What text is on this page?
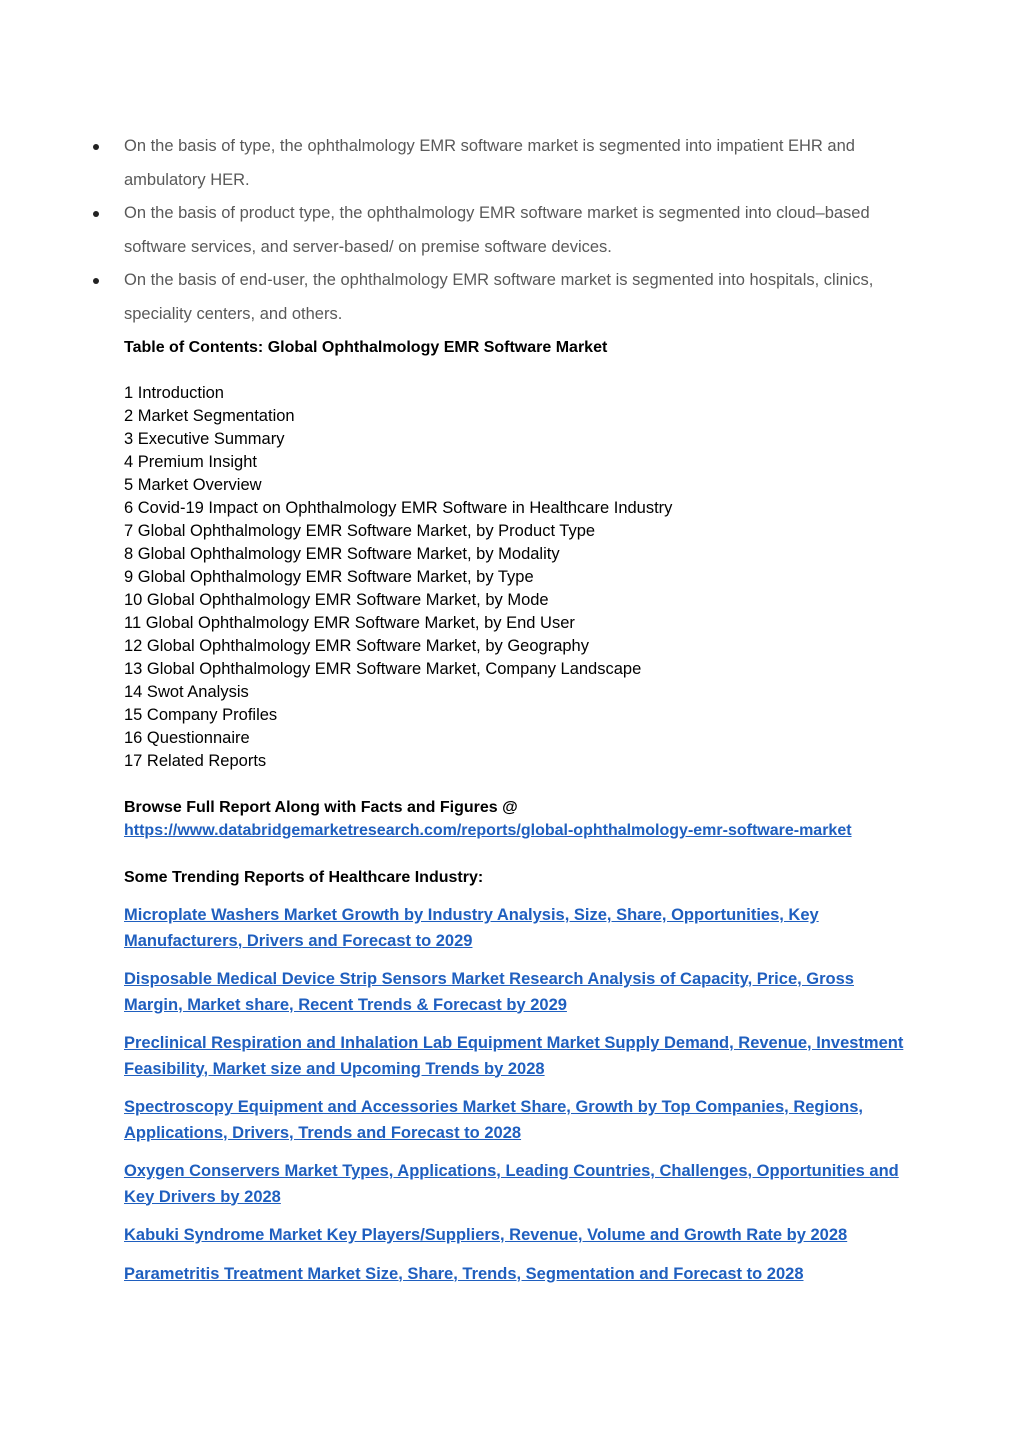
On the basis of type, the ophthalmology EMR software market is segmented into impatient EHR and ambulatory HER.
On the basis of product type, the ophthalmology EMR software market is segmented into cloud–based software services, and server-based/ on premise software devices.
On the basis of end-user, the ophthalmology EMR software market is segmented into hospitals, clinics, speciality centers, and others.

Table of Contents: Global Ophthalmology EMR Software Market

1 Introduction
2 Market Segmentation
3 Executive Summary
4 Premium Insight
5 Market Overview
6 Covid-19 Impact on Ophthalmology EMR Software in Healthcare Industry
7 Global Ophthalmology EMR Software Market, by Product Type
8 Global Ophthalmology EMR Software Market, by Modality
9 Global Ophthalmology EMR Software Market, by Type
10 Global Ophthalmology EMR Software Market, by Mode
11 Global Ophthalmology EMR Software Market, by End User
12 Global Ophthalmology EMR Software Market, by Geography
13 Global Ophthalmology EMR Software Market, Company Landscape
14 Swot Analysis
15 Company Profiles
16 Questionnaire
17 Related Reports
Browse Full Report Along with Facts and Figures @
https://www.databridgemarketresearch.com/reports/global-ophthalmology-emr-software-market
Some Trending Reports of Healthcare Industry:
Microplate Washers Market Growth by Industry Analysis, Size, Share, Opportunities, Key Manufacturers, Drivers and Forecast to 2029
Disposable Medical Device Strip Sensors Market Research Analysis of Capacity, Price, Gross Margin, Market share, Recent Trends & Forecast by 2029
Preclinical Respiration and Inhalation Lab Equipment Market Supply Demand, Revenue, Investment Feasibility, Market size and Upcoming Trends by 2028
Spectroscopy Equipment and Accessories Market Share, Growth by Top Companies, Regions, Applications, Drivers, Trends and Forecast to 2028
Oxygen Conservers Market Types, Applications, Leading Countries, Challenges, Opportunities and Key Drivers by 2028
Kabuki Syndrome Market Key Players/Suppliers, Revenue, Volume and Growth Rate by 2028
Parametritis Treatment Market Size, Share, Trends, Segmentation and Forecast to 2028
